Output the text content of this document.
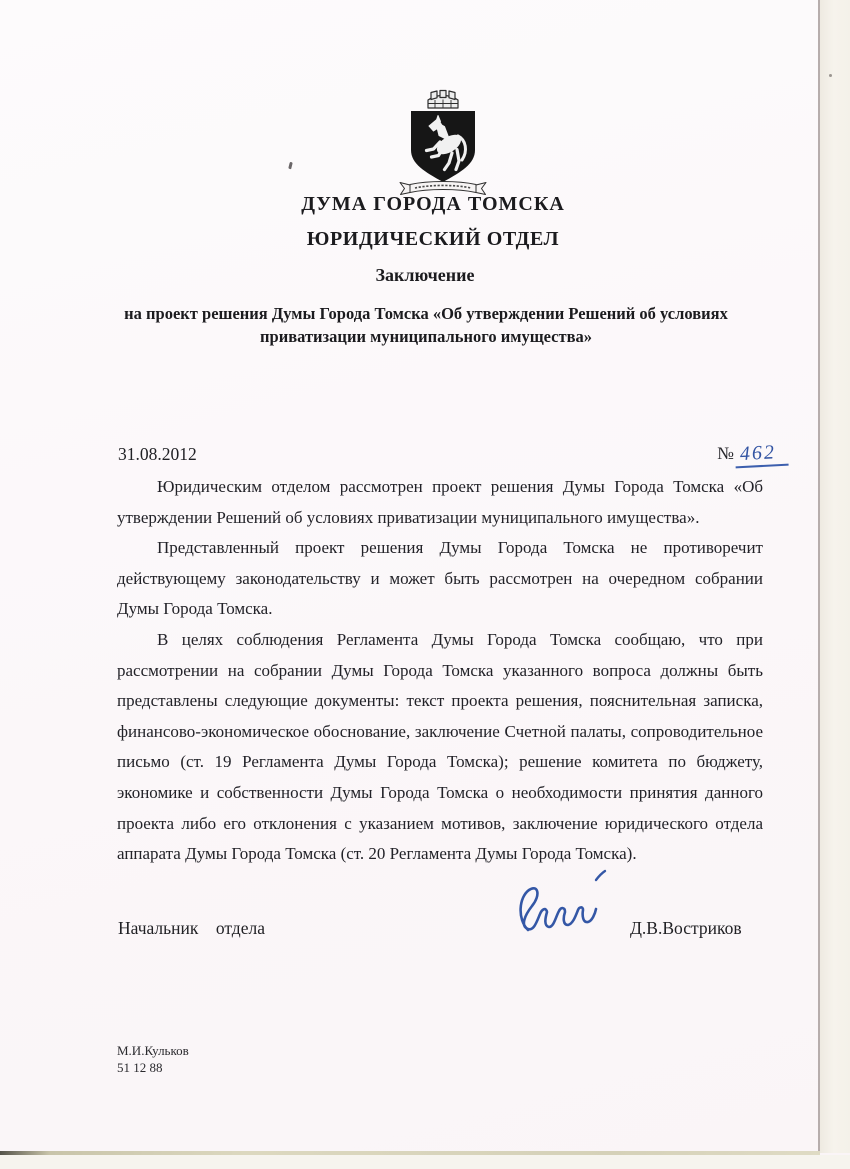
ДУМА ГОРОДА ТОМСКА
ЮРИДИЧЕСКИЙ ОТДЕЛ
Заключение
на проект решения Думы Города Томска «Об утверждении Решений об условиях приватизации муниципального имущества»
31.08.2012	№ 462

Юридическим отделом рассмотрен проект решения Думы Города Томска «Об утверждении Решений об условиях приватизации муниципального имущества».

Представленный проект решения Думы Города Томска не противоречит действующему законодательству и может быть рассмотрен на очередном собрании Думы Города Томска.

В целях соблюдения Регламента Думы Города Томска сообщаю, что при рассмотрении на собрании Думы Города Томска указанного вопроса должны быть представлены следующие документы: текст проекта решения, пояснительная записка, финансово-экономическое обоснование, заключение Счетной палаты, сопроводительное письмо (ст. 19 Регламента Думы Города Томска); решение комитета по бюджету, экономике и собственности Думы Города Томска о необходимости принятия данного проекта либо его отклонения с указанием мотивов, заключение юридического отдела аппарата Думы Города Томска (ст. 20 Регламента Думы Города Томска).

Начальник    отдела	Д.В.Востриков
М.И.Кульков
51 12 88
